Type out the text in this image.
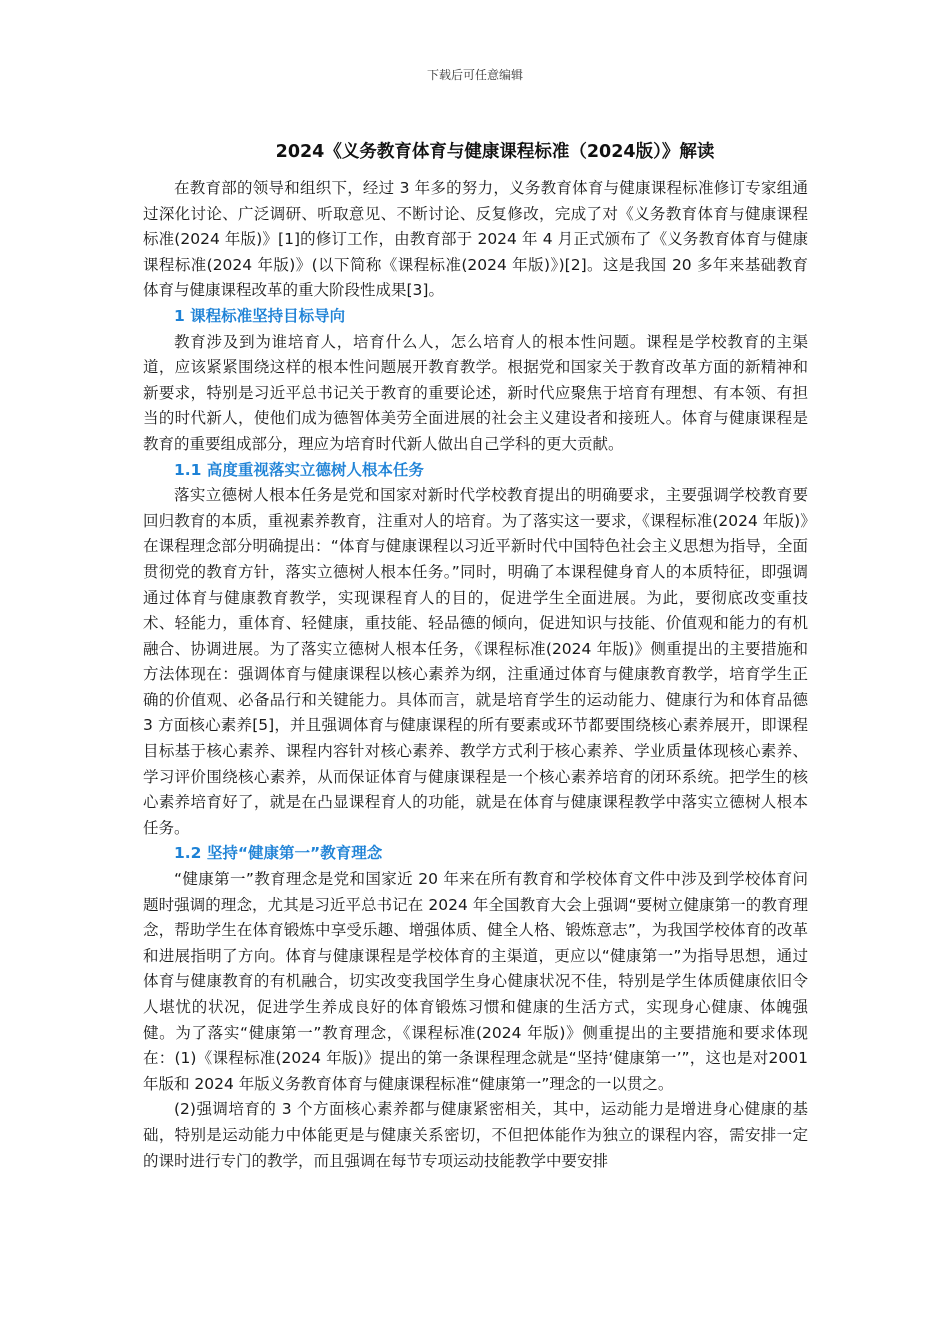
下载后可任意编辑
2024《义务教育体育与健康课程标准（2024版）》解读

在教育部的领导和组织下，经过 3 年多的努力，义务教育体育与健康课程标准修订专家组通过深化讨论、广泛调研、听取意见、不断讨论、反复修改，完成了对《义务教育体育与健康课程标准(2024 年版)》[1]的修订工作，由教育部于 2024 年 4 月正式颁布了《义务教育体育与健康课程标准(2024 年版)》(以下简称《课程标准(2024 年版)》)[2]。这是我国 20 多年来基础教育 体育与健康课程改革的重大阶段性成果[3]。

1 课程标准坚持目标导向

教育涉及到为谁培育人，培育什么人，怎么培育人的根本性问题。课程是学校教育的主渠道，应该紧紧围绕这样的根本性问题展开教育教学。根据党和国家关于教育改革方面的新精神和新要求，特别是习近平总书记关于教育的重要论述，新时代应聚焦于培育有理想、有本领、有担当的时代新人，使他们成为德智体美劳全面进展的社会主义建设者和接班人。体育与健康课程是教育的重要组成部分，理应为培育时代新人做出自己学科的更大贡献。

1.1 高度重视落实立德树人根本任务

落实立德树人根本任务是党和国家对新时代学校教育提出的明确要求，主要强调学校教育要回归教育的本质，重视素养教育，注重对人的培育。为了落实这一要求，《课程标准(2024 年版)》在课程理念部分明确提出：“体育与健康课程以习近平新时代中国特色社会主义思想为指导，全面贯彻党的教育方针，落实立德树人根本任务。”同时，明确了本课程健身育人的本质特征，即强调通过体育与健康教育教学，实现课程育人的目的，促进学生全面进展。为此，要彻底改变重技术、轻能力，重体育、轻健康，重技能、轻品德的倾向，促进知识与技能、价值观和能力的有机融合、协调进展。为了落实立德树人根本任务，《课程标准(2024 年版)》侧重提出的主要措施和方法体现在：强调体育与健康课程以核心素养为纲，注重通过体育与健康教育教学，培育学生正确的价值观、必备品行和关键能力。具体而言，就是培育学生的运动能力、健康行为和体育品德 3 方面核心素养[5]，并且强调体育与健康课程的所有要素或环节都要围绕核心素养展开，即课程目标基于核心素养、课程内容针对核心素养、教学方式利于核心素养、学业质量体现核心素养、学习评价围绕核心素养，从而保证体育与健康课程是一个核心素养培育的闭环系统。把学生的核心素养培育好了，就是在凸显课程育人的功能，就是在体育与健康课程教学中落实立德树人根本任务。

1.2 坚持“健康第一”教育理念

“健康第一”教育理念是党和国家近 20 年来在所有教育和学校体育文件中涉及到学校体育问题时强调的理念，尤其是习近平总书记在 2024 年全国教育大会上强调“要树立健康第一的教育理念，帮助学生在体育锻炼中享受乐趣、增强体质、健全人格、锻炼意志”，为我国学校体育的改革和进展指明了方向。体育与健康课程是学校体育的主渠道，更应以“健康第一”为指导思想，通过体育与健康教育的有机融合，切实改变我国学生身心健康状况不佳，特别是学生体质健康依旧令人堪忧的状况，促进学生养成良好的体育锻炼习惯和健康的生活方式，实现身心健康、体魄强健。为了落实“健康第一”教育理念，《课程标准(2024 年版)》侧重提出的主要措施和要求体现在：(1)《课程标准(2024 年版)》提出的第一条课程理念就是“坚持‘健康第一’”，这也是对2001 年版和 2024 年版义务教育体育与健康课程标准“健康第一”理念的一以贯之。

(2)强调培育的 3 个方面核心素养都与健康紧密相关，其中，运动能力是增进身心健康的基础，特别是运动能力中体能更是与健康关系密切，不但把体能作为独立的课程内容，需安排一定的课时进行专门的教学，而且强调在每节专项运动技能教学中要安排
